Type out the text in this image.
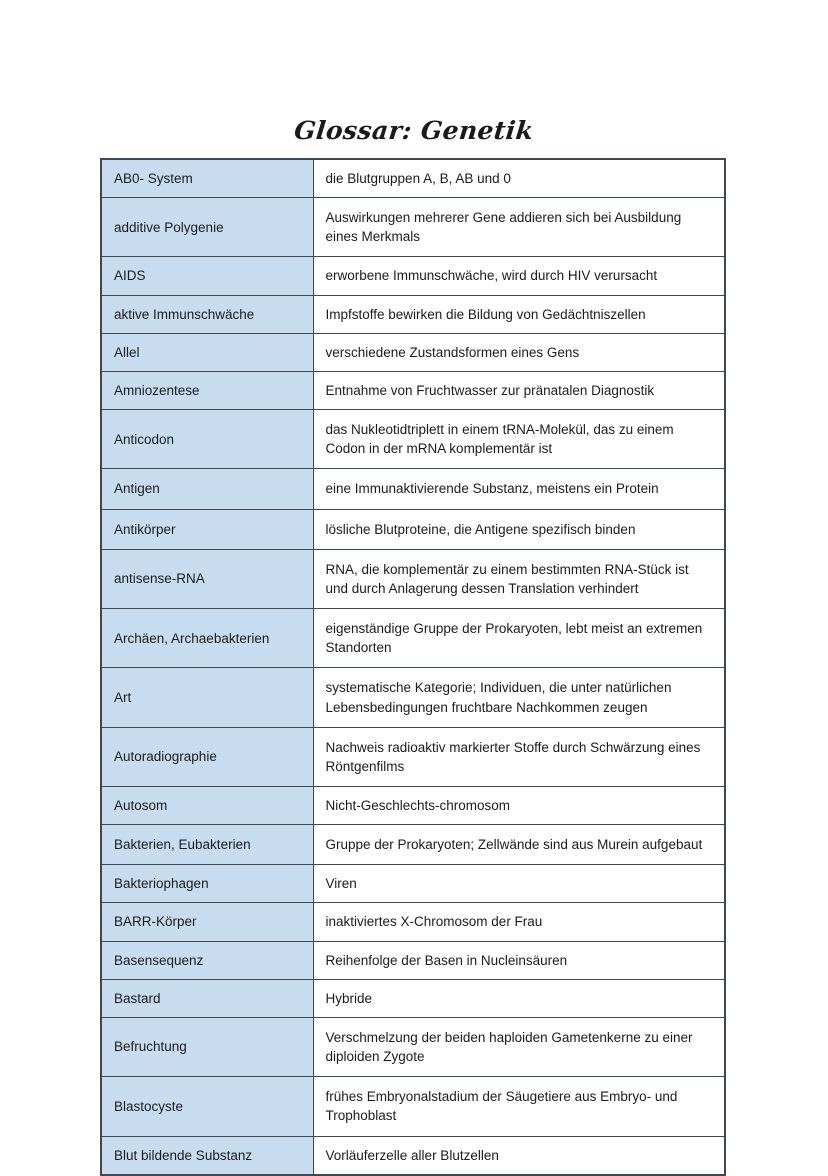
Glossar: Genetik
AB0- System	die Blutgruppen A, B, AB und 0
additive Polygenie	Auswirkungen mehrerer Gene addieren sich bei Ausbildung eines Merkmals
AIDS	erworbene Immunschwäche, wird durch HIV verursacht
aktive Immunschwäche	Impfstoffe bewirken die Bildung von Gedächtniszellen
Allel	verschiedene Zustandsformen eines Gens
Amniozentese	Entnahme von Fruchtwasser zur pränatalen Diagnostik
Anticodon	das Nukleotidtriplett in einem tRNA-Molekül, das zu einem Codon in der mRNA komplementär ist
Antigen	eine Immunaktivierende Substanz, meistens ein Protein
Antikörper	lösliche Blutproteine, die Antigene spezifisch binden
antisense-RNA	RNA, die komplementär zu einem bestimmten RNA-Stück ist und durch Anlagerung dessen Translation verhindert
Archäen, Archaebakterien	eigenständige Gruppe der Prokaryoten, lebt meist an extremen Standorten
Art	systematische Kategorie; Individuen, die unter natürlichen Lebensbedingungen fruchtbare Nachkommen zeugen
Autoradiographie	Nachweis radioaktiv markierter Stoffe durch Schwärzung eines Röntgenfilms
Autosom	Nicht-Geschlechts-chromosom
Bakterien, Eubakterien	Gruppe der Prokaryoten; Zellwände sind aus Murein aufgebaut
Bakteriophagen	Viren
BARR-Körper	inaktiviertes X-Chromosom der Frau
Basensequenz	Reihenfolge der Basen in Nucleinsäuren
Bastard	Hybride
Befruchtung	Verschmelzung der beiden haploiden Gametenkerne zu einer diploiden Zygote
Blastocyste	frühes Embryonalstadium der Säugetiere aus Embryo- und Trophoblast
Blut bildende Substanz	Vorläuferzelle aller Blutzellen
